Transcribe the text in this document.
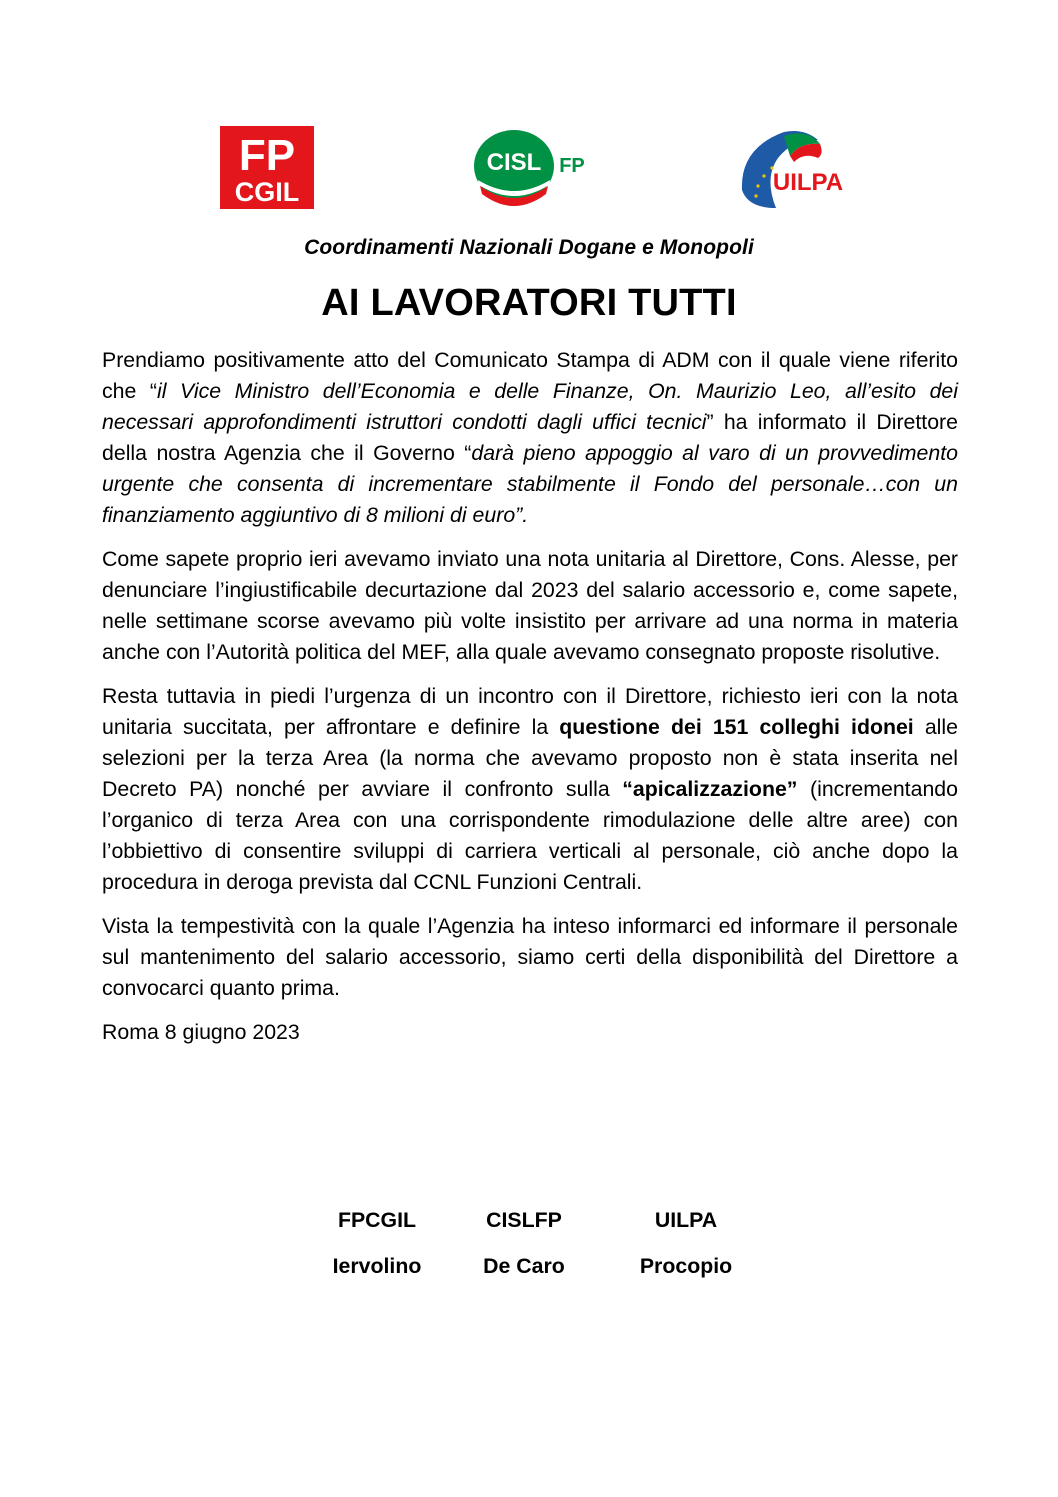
FP
CGIL
CISL FP
UILPA
Coordinamenti Nazionali Dogane e Monopoli
AI LAVORATORI TUTTI

Prendiamo positivamente atto del Comunicato Stampa di ADM con il quale viene riferito che “il Vice Ministro dell’Economia e delle Finanze, On. Maurizio Leo, all’esito dei necessari approfondimenti istruttori condotti dagli uffici tecnici” ha informato il Direttore della nostra Agenzia che il Governo “darà pieno appoggio al varo di un provvedimento urgente che consenta di incrementare stabilmente il Fondo del personale…con un finanziamento aggiuntivo di 8 milioni di euro”.

Come sapete proprio ieri avevamo inviato una nota unitaria al Direttore, Cons. Alesse, per denunciare l’ingiustificabile decurtazione dal 2023 del salario accessorio e, come sapete, nelle settimane scorse avevamo più volte insistito per arrivare ad una norma in materia anche con l’Autorità politica del MEF, alla quale avevamo consegnato proposte risolutive.

Resta tuttavia in piedi l’urgenza di un incontro con il Direttore, richiesto ieri con la nota unitaria succitata, per affrontare e definire la questione dei 151 colleghi idonei alle selezioni per la terza Area (la norma che avevamo proposto non è stata inserita nel Decreto PA) nonché per avviare il confronto sulla “apicalizzazione” (incrementando l’organico di terza Area con una corrispondente rimodulazione delle altre aree) con l’obbiettivo di consentire sviluppi di carriera verticali al personale, ciò anche dopo la procedura in deroga prevista dal CCNL Funzioni Centrali.

Vista la tempestività con la quale l’Agenzia ha inteso informarci ed informare il personale sul mantenimento del salario accessorio, siamo certi della disponibilità del Direttore a convocarci quanto prima.

Roma 8 giugno 2023

FPCGIL
Iervolino
CISLFP
De Caro
UILPA
Procopio
